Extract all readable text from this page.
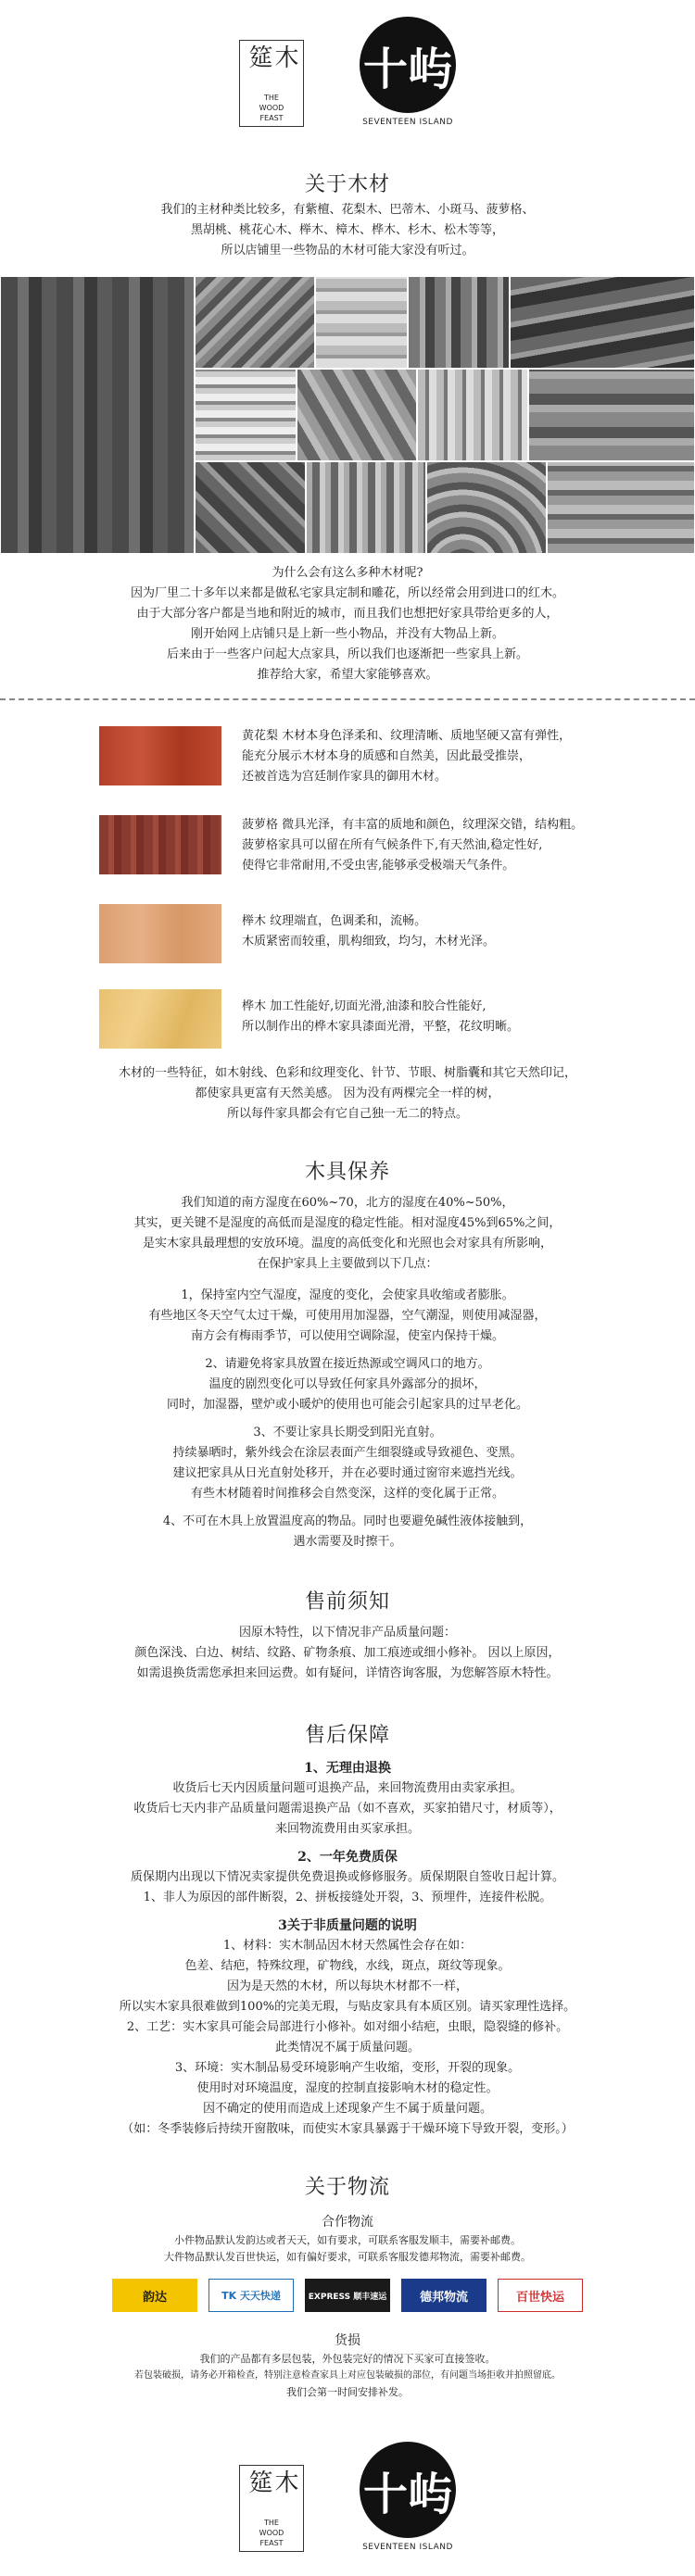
木筵
THE
WOOD
FEAST
十屿
SEVENTEEN ISLAND
关于木材

我们的主材种类比较多，有紫檀、花梨木、巴蒂木、小斑马、菠萝格、

黑胡桃、桃花心木、榉木、樟木、桦木、杉木、松木等等，

所以店铺里一些物品的木材可能大家没有听过。

为什么会有这么多种木材呢?

因为厂里二十多年以来都是做私宅家具定制和雕花，所以经常会用到进口的红木。

由于大部分客户都是当地和附近的城市，而且我们也想把好家具带给更多的人，

刚开始网上店铺只是上新一些小物品，并没有大物品上新。

后来由于一些客户问起大点家具，所以我们也逐渐把一些家具上新。

推荐给大家，希望大家能够喜欢。

黄花梨 木材本身色泽柔和、纹理清晰、质地坚硬又富有弹性，
能充分展示木材本身的质感和自然美，因此最受推崇，
还被首选为宫廷制作家具的御用木材。
菠萝格 微具光泽，有丰富的质地和颜色，纹理深交错，结构粗。
菠萝格家具可以留在所有气候条件下,有天然油,稳定性好,
使得它非常耐用,不受虫害,能够承受极端天气条件。
榉木 纹理端直，色调柔和，流畅。
木质紧密而较重，肌构细致，均匀，木材光泽。
桦木 加工性能好,切面光滑,油漆和胶合性能好,
所以制作出的桦木家具漆面光滑，平整，花纹明晰。

木材的一些特征，如木射线、色彩和纹理变化、针节、节眼、树脂囊和其它天然印记，

都使家具更富有天然美感。 因为没有两棵完全一样的树，

所以每件家具都会有它自己独一无二的特点。

木具保养

我们知道的南方湿度在60%~70，北方的湿度在40%~50%，

其实，更关键不是湿度的高低而是湿度的稳定性能。相对湿度45%到65%之间，

是实木家具最理想的安放环境。温度的高低变化和光照也会对家具有所影响，

在保护家具上主要做到以下几点：

1，保持室内空气湿度，湿度的变化，会使家具收缩或者膨胀。

有些地区冬天空气太过干燥，可使用用加湿器，空气潮湿，则使用减湿器，

南方会有梅雨季节，可以使用空调除湿，使室内保持干燥。

2、请避免将家具放置在接近热源或空调风口的地方。

温度的剧烈变化可以导致任何家具外露部分的损坏，

同时，加湿器，壁炉或小暖炉的使用也可能会引起家具的过早老化。

3、不要让家具长期受到阳光直射。

持续暴晒时，紫外线会在涂层表面产生细裂缝或导致褪色、变黑。

建议把家具从日光直射处移开，并在必要时通过窗帘来遮挡光线。

有些木材随着时间推移会自然变深，这样的变化属于正常。

4、不可在木具上放置温度高的物品。同时也要避免碱性液体接触到，

遇水需要及时擦干。

售前须知

因原木特性，以下情况非产品质量问题：

颜色深浅、白边、树结、纹路、矿物条痕、加工痕迹或细小修补。 因以上原因，

如需退换货需您承担来回运费。如有疑问，详情咨询客服，为您解答原木特性。

售后保障

1、无理由退换

收货后七天内因质量问题可退换产品，来回物流费用由卖家承担。

收货后七天内非产品质量问题需退换产品（如不喜欢，买家拍错尺寸，材质等），

来回物流费用由买家承担。

2、一年免费质保

质保期内出现以下情况卖家提供免费退换或修修服务。质保期限自签收日起计算。

1、非人为原因的部件断裂，2、拼板接缝处开裂，3、预埋件，连接件松脱。

3关于非质量问题的说明

1、材料：实木制品因木材天然属性会存在如：

色差、结疤，特殊纹理，矿物线，水线，斑点，斑纹等现象。

因为是天然的木材，所以每块木材都不一样，

所以实木家具很难做到100%的完美无瑕，与贴皮家具有本质区别。请买家理性选择。

2、工艺：实木家具可能会局部进行小修补。如对细小结疤，虫眼，隐裂缝的修补。

此类情况不属于质量问题。

3、环境：实木制品易受环境影响产生收缩，变形，开裂的现象。

使用时对环境温度，湿度的控制直接影响木材的稳定性。

因不确定的使用而造成上述现象产生不属于质量问题。

（如：冬季装修后持续开窗散味，而使实木家具暴露于干燥环境下导致开裂，变形。）

关于物流

合作物流

小件物品默认发韵达或者天天，如有要求，可联系客服发顺丰，需要补邮费。

大件物品默认发百世快运，如有偏好要求，可联系客服发德邦物流，需要补邮费。

韵达	TK 天天快递	EXPRESS 顺丰速运	德邦物流	百世快运

货损

我们的产品都有多层包装，外包装完好的情况下买家可直接签收。

若包装破损，请务必开箱检查，特别注意检查家具上对应包装破损的部位，有问题当场拒收并拍照留底。

我们会第一时间安排补发。

木筵
THE
WOOD
FEAST
十屿
SEVENTEEN ISLAND
